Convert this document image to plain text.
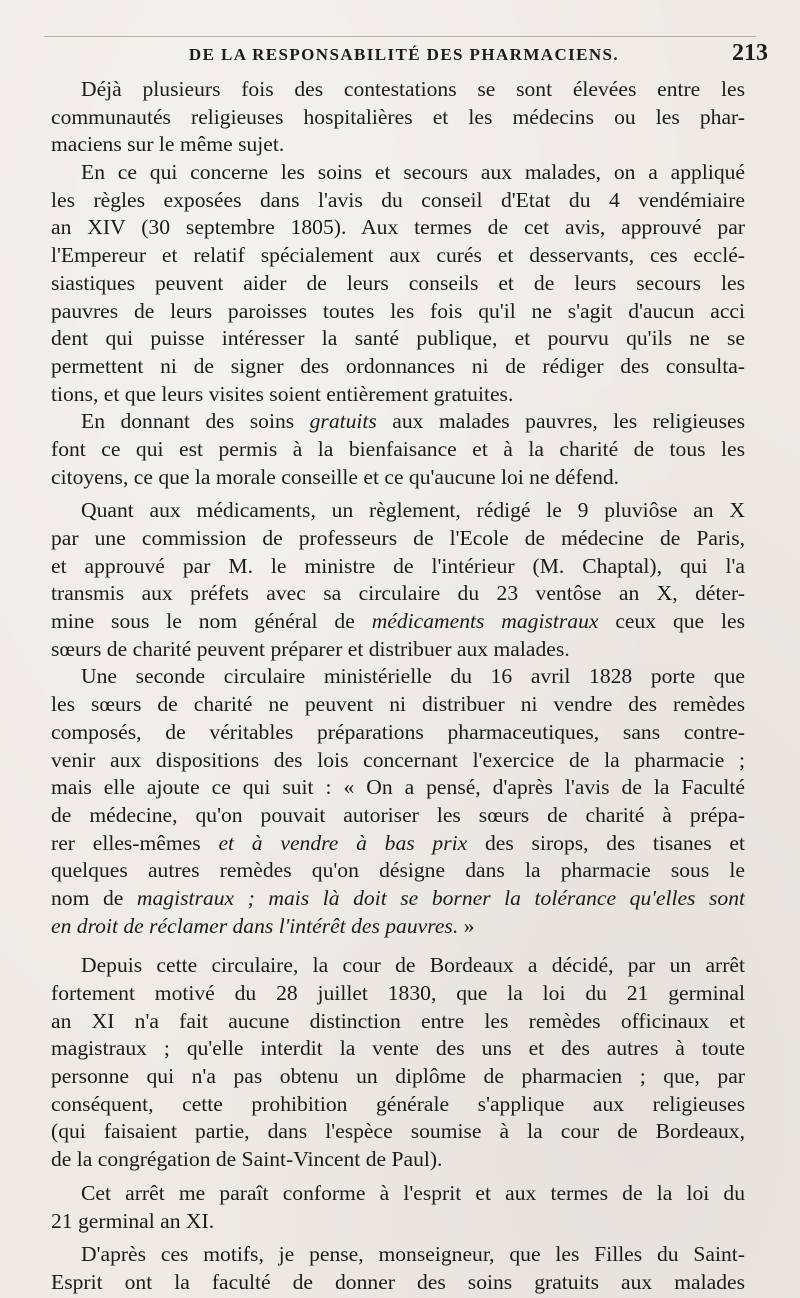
DE LA RESPONSABILITÉ DES PHARMACIENS.	213

Déjà plusieurs fois des contestations se sont élevées entre les
communautés religieuses hospitalières et les médecins ou les phar-
maciens sur le même sujet.

En ce qui concerne les soins et secours aux malades, on a appliqué
les règles exposées dans l'avis du conseil d'Etat du 4 vendémiaire
an XIV (30 septembre 1805). Aux termes de cet avis, approuvé par
l'Empereur et relatif spécialement aux curés et desservants, ces ecclé-
siastiques peuvent aider de leurs conseils et de leurs secours les
pauvres de leurs paroisses toutes les fois qu'il ne s'agit d'aucun acci
dent qui puisse intéresser la santé publique, et pourvu qu'ils ne se
permettent ni de signer des ordonnances ni de rédiger des consulta-
tions, et que leurs visites soient entièrement gratuites.

En donnant des soins gratuits aux malades pauvres, les religieuses
font ce qui est permis à la bienfaisance et à la charité de tous les
citoyens, ce que la morale conseille et ce qu'aucune loi ne défend.

Quant aux médicaments, un règlement, rédigé le 9 pluviôse an X
par une commission de professeurs de l'Ecole de médecine de Paris,
et approuvé par M. le ministre de l'intérieur (M. Chaptal), qui l'a
transmis aux préfets avec sa circulaire du 23 ventôse an X, déter-
mine sous le nom général de médicaments magistraux ceux que les
sœurs de charité peuvent préparer et distribuer aux malades.

Une seconde circulaire ministérielle du 16 avril 1828 porte que
les sœurs de charité ne peuvent ni distribuer ni vendre des remèdes
composés, de véritables préparations pharmaceutiques, sans contre-
venir aux dispositions des lois concernant l'exercice de la pharmacie ;
mais elle ajoute ce qui suit : « On a pensé, d'après l'avis de la Faculté
de médecine, qu'on pouvait autoriser les sœurs de charité à prépa-
rer elles-mêmes et à vendre à bas prix des sirops, des tisanes et
quelques autres remèdes qu'on désigne dans la pharmacie sous le
nom de magistraux ; mais là doit se borner la tolérance qu'elles sont
en droit de réclamer dans l'intérêt des pauvres. »

Depuis cette circulaire, la cour de Bordeaux a décidé, par un arrêt
fortement motivé du 28 juillet 1830, que la loi du 21 germinal
an XI n'a fait aucune distinction entre les remèdes officinaux et
magistraux ; qu'elle interdit la vente des uns et des autres à toute
personne qui n'a pas obtenu un diplôme de pharmacien ; que, par
conséquent, cette prohibition générale s'applique aux religieuses
(qui faisaient partie, dans l'espèce soumise à la cour de Bordeaux,
de la congrégation de Saint-Vincent de Paul).

Cet arrêt me paraît conforme à l'esprit et aux termes de la loi du
21 germinal an XI.

D'après ces motifs, je pense, monseigneur, que les Filles du Saint-
Esprit ont la faculté de donner des soins gratuits aux malades
